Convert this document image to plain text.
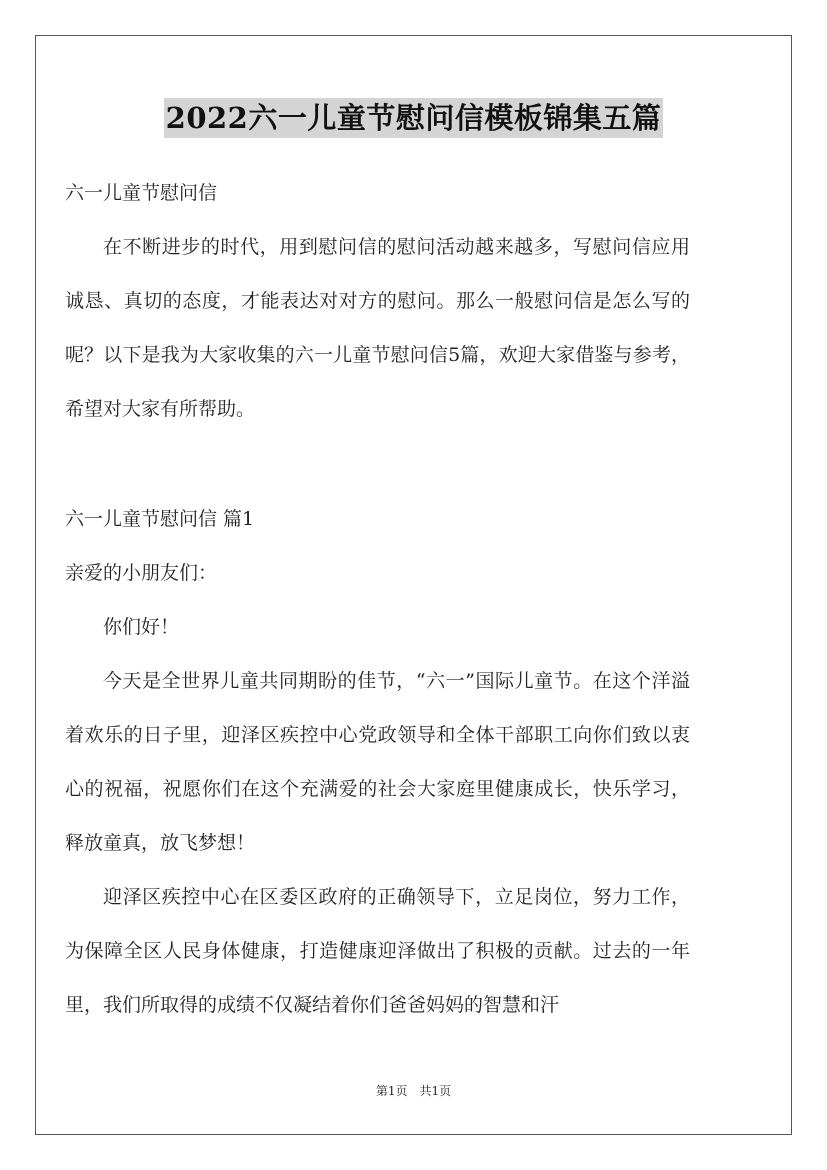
2022六一儿童节慰问信模板锦集五篇
六一儿童节慰问信

在不断进步的时代，用到慰问信的慰问活动越来越多，写慰问信应用诚恳、真切的态度，才能表达对对方的慰问。那么一般慰问信是怎么写的呢？以下是我为大家收集的六一儿童节慰问信5篇，欢迎大家借鉴与参考，希望对大家有所帮助。

六一儿童节慰问信 篇1
亲爱的小朋友们：

你们好！

今天是全世界儿童共同期盼的佳节，“六一”国际儿童节。在这个洋溢着欢乐的日子里，迎泽区疾控中心党政领导和全体干部职工向你们致以衷心的祝福，祝愿你们在这个充满爱的社会大家庭里健康成长，快乐学习，释放童真，放飞梦想！

迎泽区疾控中心在区委区政府的正确领导下，立足岗位，努力工作，为保障全区人民身体健康，打造健康迎泽做出了积极的贡献。过去的一年里，我们所取得的成绩不仅凝结着你们爸爸妈妈的智慧和汗

第1页 共1页
